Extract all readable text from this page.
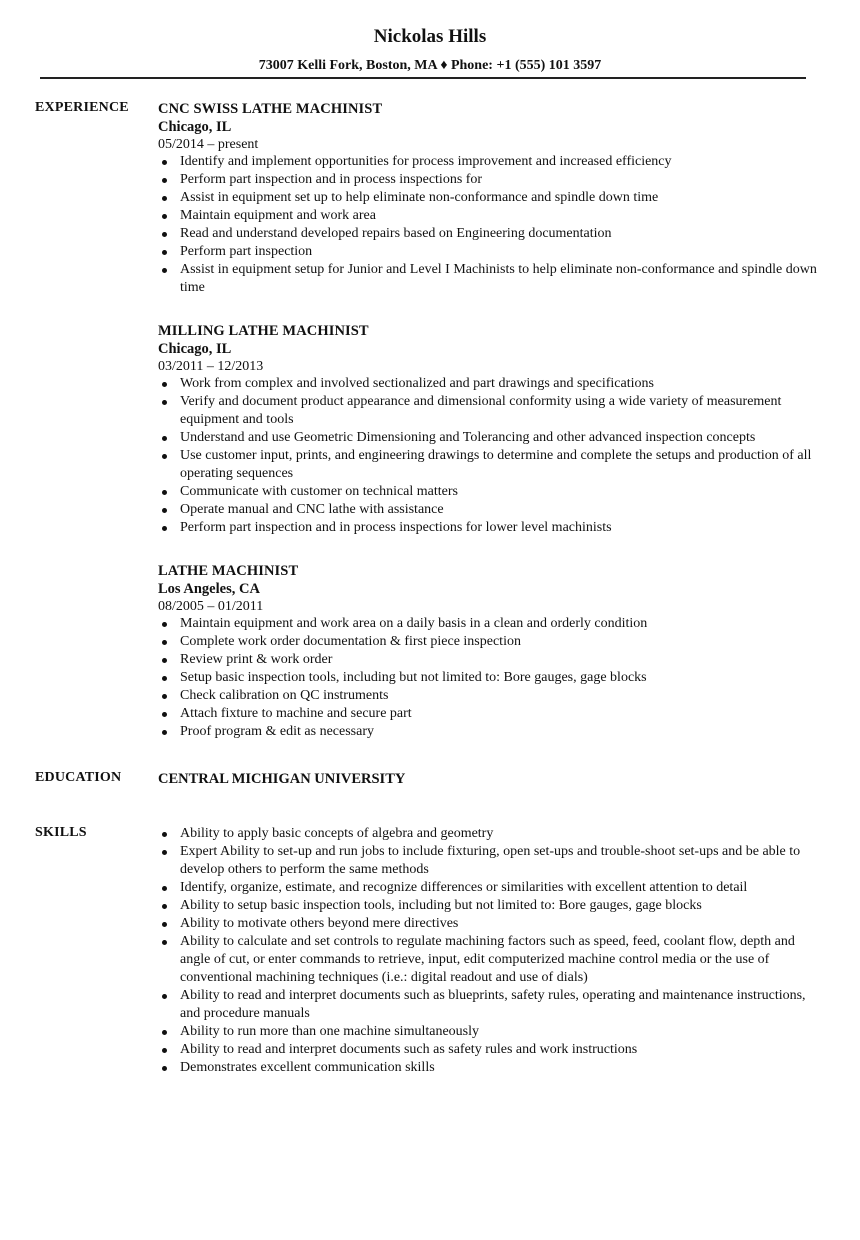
Nickolas Hills
73007 Kelli Fork, Boston, MA ♦ Phone: +1 (555) 101 3597
EXPERIENCE CNC SWISS LATHE MACHINIST
Chicago, IL
05/2014 – present
Identify and implement opportunities for process improvement and increased efficiency
Perform part inspection and in process inspections for
Assist in equipment set up to help eliminate non-conformance and spindle down time
Maintain equipment and work area
Read and understand developed repairs based on Engineering documentation
Perform part inspection
Assist in equipment setup for Junior and Level I Machinists to help eliminate non-conformance and spindle down time
MILLING LATHE MACHINIST
Chicago, IL
03/2011 – 12/2013
Work from complex and involved sectionalized and part drawings and specifications
Verify and document product appearance and dimensional conformity using a wide variety of measurement equipment and tools
Understand and use Geometric Dimensioning and Tolerancing and other advanced inspection concepts
Use customer input, prints, and engineering drawings to determine and complete the setups and production of all operating sequences
Communicate with customer on technical matters
Operate manual and CNC lathe with assistance
Perform part inspection and in process inspections for lower level machinists
LATHE MACHINIST
Los Angeles, CA
08/2005 – 01/2011
Maintain equipment and work area on a daily basis in a clean and orderly condition
Complete work order documentation & first piece inspection
Review print & work order
Setup basic inspection tools, including but not limited to: Bore gauges, gage blocks
Check calibration on QC instruments
Attach fixture to machine and secure part
Proof program & edit as necessary
EDUCATION	CENTRAL MICHIGAN UNIVERSITY
SKILLS	Ability to apply basic concepts of algebra and geometry
Expert Ability to set-up and run jobs to include fixturing, open set-ups and trouble-shoot set-ups and be able to develop others to perform the same methods
Identify, organize, estimate, and recognize differences or similarities with excellent attention to detail
Ability to setup basic inspection tools, including but not limited to: Bore gauges, gage blocks
Ability to motivate others beyond mere directives
Ability to calculate and set controls to regulate machining factors such as speed, feed, coolant flow, depth and angle of cut, or enter commands to retrieve, input, edit computerized machine control media or the use of conventional machining techniques (i.e.: digital readout and use of dials)
Ability to read and interpret documents such as blueprints, safety rules, operating and maintenance instructions, and procedure manuals
Ability to run more than one machine simultaneously
Ability to read and interpret documents such as safety rules and work instructions
Demonstrates excellent communication skills
